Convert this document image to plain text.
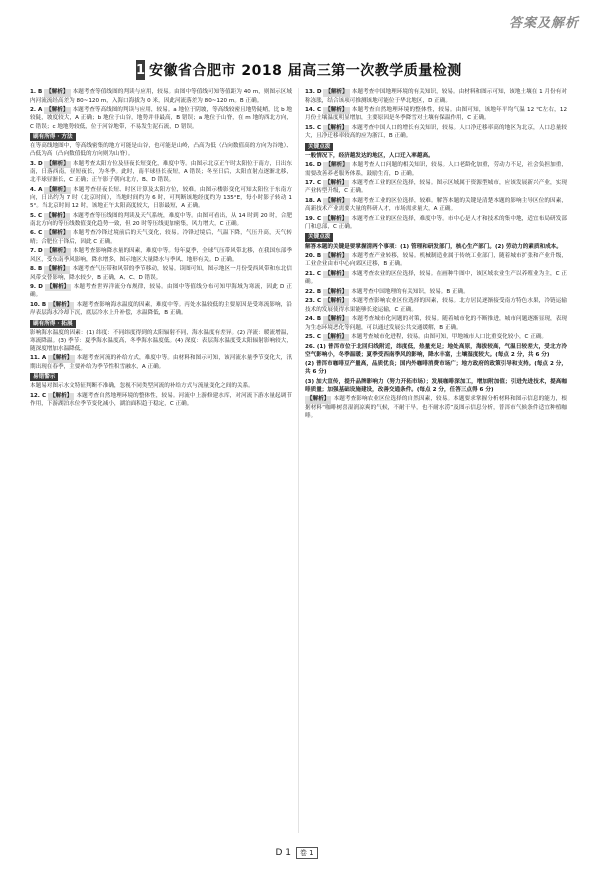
答案及解析
1 安徽省合肥市 2018 届高三第一次教学质量检测
1. B 【解析】 本题考查等值线图的判读与应用，较易。由图中等值线可知等值距为 40 m，则图示区域内河流流经高差为 80~120 m，入海口海拔为 0 米，因此河流落差为 80~120 m。B 正确。
2. A 【解析】 本题考查等高线图的判读与应用，较易。a 地位于阴坡，等高线较密且地势陡峭，比 b 地较陡，坡度较大，A 正确；b 地位于山谷，地势并非最高，B 错误；a 地位于山脊，在 m 地的西北方向，C 错误；c 地地势较低，位于河谷地带，不易发生泥石流，D 错误。
刷有所得 · 方法
在等高线地图中，等高线密集的地方可能是山谷，也可能是山岭，凸高为低（凸向数值高的方向为谷地）、凸低为高（凸向数值低的方向则为山脊）。
3. D 【解析】 本题考查太阳方位及昼夜长短变化，难度中等。由图示北京正午时太阳位于南方，日出东南，日落西南，昼短夜长，为冬季。此时，南半球昼长夜短，A 错误；冬至日后，太阳直射点逐渐北移，北半球昼渐长，C 正确；正午影子朝向北方，B、D 错误。
4. A 【解析】 本题考查昼夜长短、时区计算及太阳方位，较难。由图示楼影变化可知太阳位于东南方向，日出约为 7 时（北京时间），当地时间约为 6 时，可判断该地经度约为 135°E，每小时影子转动 15°。当北京时间 12 时，该地正午太阳高度较大，日影最短，A 正确。
5. C 【解析】 本题考查等压线图的判读及天气系统，难度中等。由图可看出，从 14 时到 20 时，合肥南北方向的等压线数值变化趋势一致，但 20 时等压线更加密集，风力增大，C 正确。
6. C 【解析】 本题考查冷锋过境前后的天气变化，较易。冷锋过境后，气温下降，气压升高，天气转晴；合肥位于锋后，因此 C 正确。
7. D 【解析】 本题考查影响降水量的因素，难度中等。每年夏季，全球气压带风带北移，在我国东部季风区，受东南季风影响，降水增多，图示地区大量降水与季风、地形有关。D 正确。
8. B 【解析】 本题考查气压带和风带的季节移动，较易。读图可知，图示地区一月份受西风带和东北信风带交替影响，降水较少，B 正确，A、C、D 错误。
9. D 【解析】 本题考查世界洋流分布规律，较易。由图中等值线分布可知甲海域为寒流，因此 D 正确。
10. B 【解析】 本题考查影响海水温度的因素，难度中等。丙处水温较低的主要原因是受寒流影响，沿岸表层海水冷却下沉，底层冷水上升补偿，水温降低，B 正确。
刷有所得 · 拓展
影响海水温度的因素：(1) 纬度：不同纬度得到的太阳辐射不同，海水温度有差异。(2) 洋流：暖流增温，寒流降温。(3) 季节：夏季海水温度高，冬季海水温度低。(4) 深度：表层海水温度受太阳辐射影响较大，随深度增加水温降低。
11. A 【解析】 本题考查河流的补给方式，难度中等。由材料和图示可知，该河流水量季节变化大，汛期出现在春季，主要补给为季节性积雪融水，A 正确。
易错警示
本题易对图示水文特征判断不准确，忽视不同类型河流的补给方式与流量变化之间的关系。
12. C 【解析】 本题考查自然地理环境的整体性，较易。河流中上游修建水库，对河流下游水量起调节作用，下游湖泊水位季节变化减小，湖泊面积趋于稳定，C 正确。
13. D 【解析】 本题考查中国地理环境的有关知识，较易。由材料和图示可知，该地土壤在 1 月份有对称冻胀，结合该项可推测该地可能位于华北地区，D 正确。
14. C 【解析】 本题考查自然地理环境的整体性，较易。由图可知，该地年平均气温 12 ℃左右，12 月份土壤温度明显增加，主要原因是冬季降雪对土壤有保温作用，C 正确。
15. C 【解析】 本题考查中国人口的增长有关知识，较易。人口净迁移率高的地区为北京，人口总量较大，且净迁移率较高的应为浙江，B 正确。
关键点拨
一般情况下，经济越发达的地区，人口迁入率越高。
16. D 【解析】 本题考查人口问题的相关知识，较易。人口老龄化加重，劳动力不足，社会负担加重，需要改善养老服务体系，鼓励生育，D 正确。
17. C 【解析】 本题考查工业的区位选择，较易。图示区域属于资源型城市，应该发展新兴产业，实现产业转型升级，C 正确。
18. A 【解析】 本题考查工业的区位选择，较难。解答本题的关键是清楚本题的影响主导区位的因素，高新技术产业需要大量的科研人才，市场需求量大，A 正确。
19. C 【解析】 本题考查工业的区位选择，难度中等。市中心是人才和技术的集中地，适宜布局研发部门和总部，C 正确。
关键点拨
解答本题的关键是要掌握清两个事项：(1) 管理和研发部门，核心生产部门。(2) 劳动力的素质和成本。
20. B 【解析】 本题考查产业转移，较易。机械制造业属于传统工业部门，随着城市扩张和产业升级，工业企业由市中心向郊区迁移，B 正确。
21. C 【解析】 本题考查农业的区位选择，较易。在画种牛图中，该区域农业生产以养殖业为主，C 正确。
22. B 【解析】 本题考查中国地理的有关知识，较易。B 正确。
23. C 【解析】 本题考查影响农业区位选择的因素，较易。北方居民逐渐接受南方特色水果，冷链运输技术的发展使得水果能够长途运输，C 正确。
24. B 【解析】 本题考查城市化问题的对策，较易。随着城市化的不断推进，城市问题逐渐显现，表现为生态环境恶化等问题，可以通过发展公共交通缓解，B 正确。
25. C 【解析】 本题考查城市化进程，较易。由图可知，甲地城市人口比重变化较小，C 正确。
26. (1) 普洱市位于北回归线附近，纬度低，热量充足；地处高原，海拔较高，气温日较差大，受北方冷空气影响小，冬季温暖；夏季受西南季风的影响，降水丰富，土壤湿度较大。(每点 2 分，共 6 分)
(2) 普洱市咖啡豆产量高，品质优良；国内外咖啡消费市场广；地方政府的政策引导和支持。(每点 2 分，共 6 分)
(3) 加大宣传，提升品牌影响力（努力开拓市场）；发展咖啡深加工，增加附加值；引进先进技术，提高咖啡质量；加强基础设施建设，改善交通条件。(每点 2 分，任答三点得 6 分)
【解析】 本题考查影响农业区位选择的自然因素，较易。本题要求掌握分析材料和图示信息的能力，根据材料“咖啡树喜湿润凉爽的气候，不耐干旱，也不耐水涝”及图示信息分析，普洱市气候条件适宜种植咖啡。
D 1 卷 1
